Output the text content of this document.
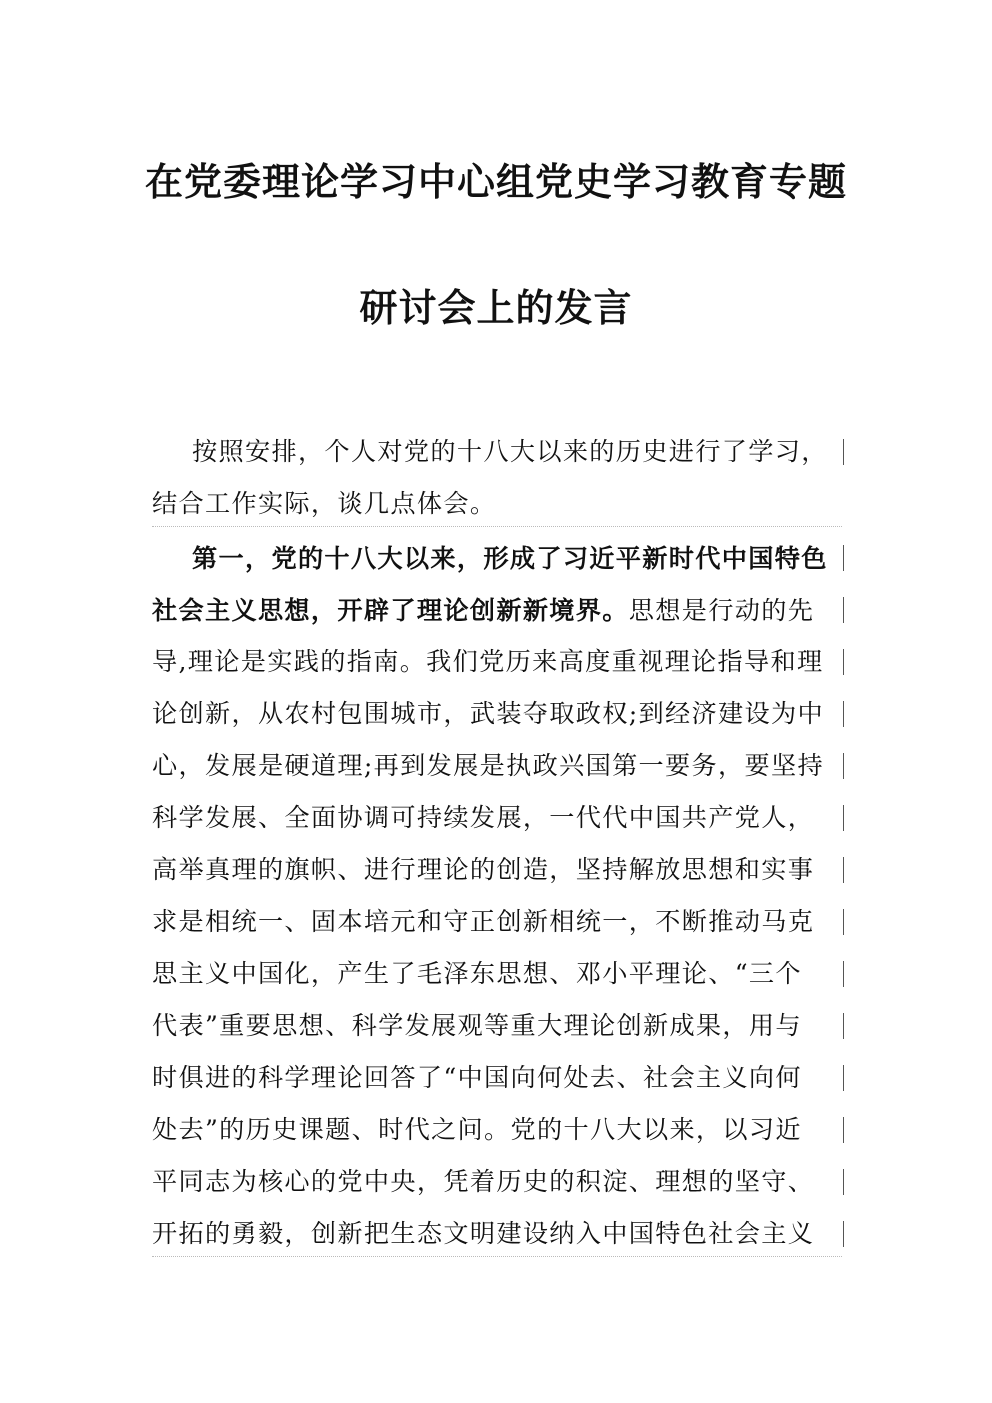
在党委理论学习中心组党史学习教育专题
研讨会上的发言
按照安排，个人对党的十八大以来的历史进行了学习，
结合工作实际，谈几点体会。
第一，党的十八大以来，形成了习近平新时代中国特色
社会主义思想，开辟了理论创新新境界。思想是行动的先
导,理论是实践的指南。我们党历来高度重视理论指导和理
论创新，从农村包围城市，武装夺取政权;到经济建设为中
心，发展是硬道理;再到发展是执政兴国第一要务，要坚持
科学发展、全面协调可持续发展，一代代中国共产党人，
高举真理的旗帜、进行理论的创造，坚持解放思想和实事
求是相统一、固本培元和守正创新相统一，不断推动马克
思主义中国化，产生了毛泽东思想、邓小平理论、“三个
代表”重要思想、科学发展观等重大理论创新成果，用与
时俱进的科学理论回答了“中国向何处去、社会主义向何
处去”的历史课题、时代之问。党的十八大以来，以习近
平同志为核心的党中央，凭着历史的积淀、理想的坚守、
开拓的勇毅，创新把生态文明建设纳入中国特色社会主义
